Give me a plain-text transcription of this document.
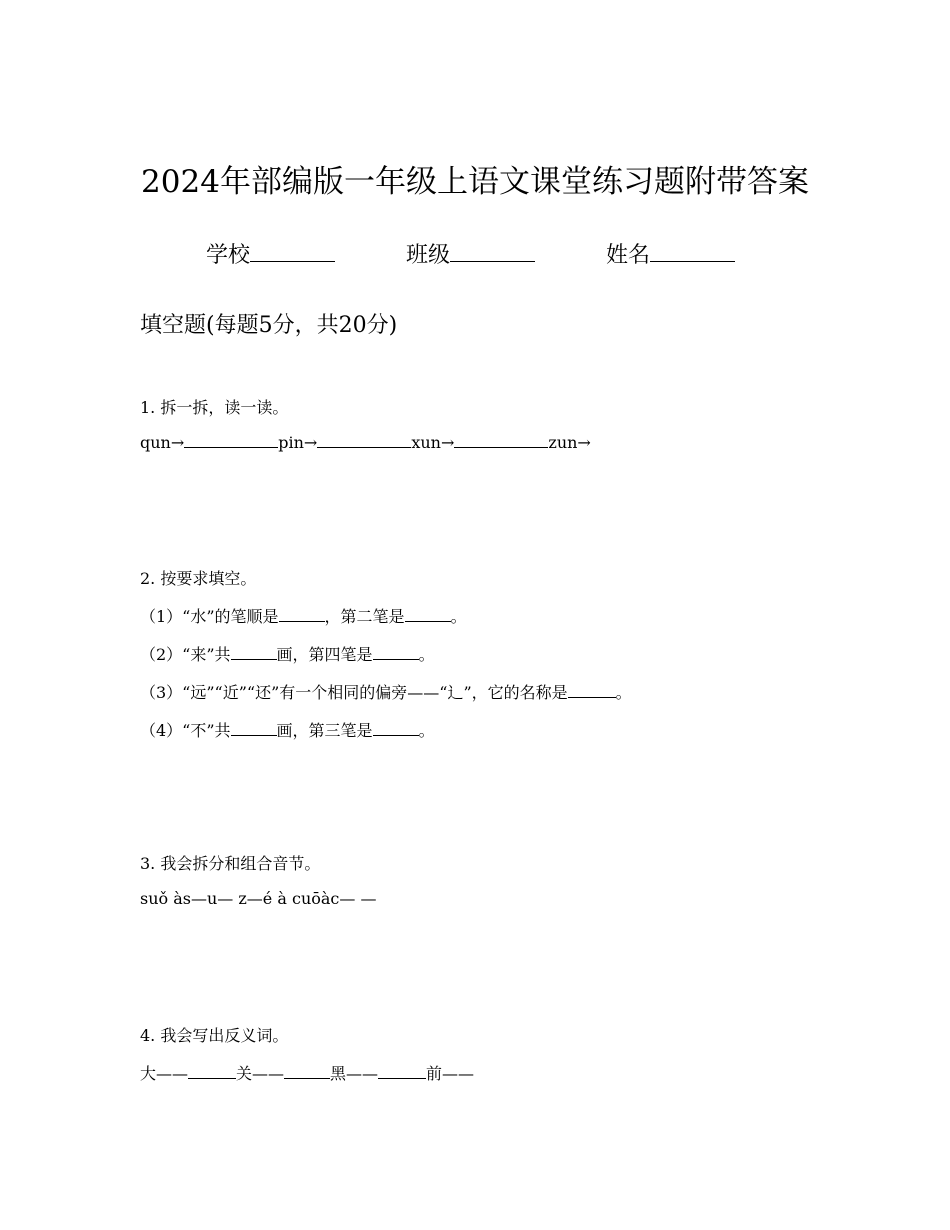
2024年部编版一年级上语文课堂练习题附带答案
学校	班级	姓名
填空题(每题5分，共20分)
1. 拆一拆，读一读。
qun→	pin→	xun→	zun→
2. 按要求填空。
（1）“水”的笔顺是	，第二笔是	。
（2）“来”共	画，第四笔是	。
（3）“远”“近”“还”有一个相同的偏旁——“辶”，它的名称是	。
（4）“不”共	画，第三笔是	。
3. 我会拆分和组合音节。
suǒ às—u— z—é à cuōàc— —
4. 我会写出反义词。
大——	关——	黑——	前——
